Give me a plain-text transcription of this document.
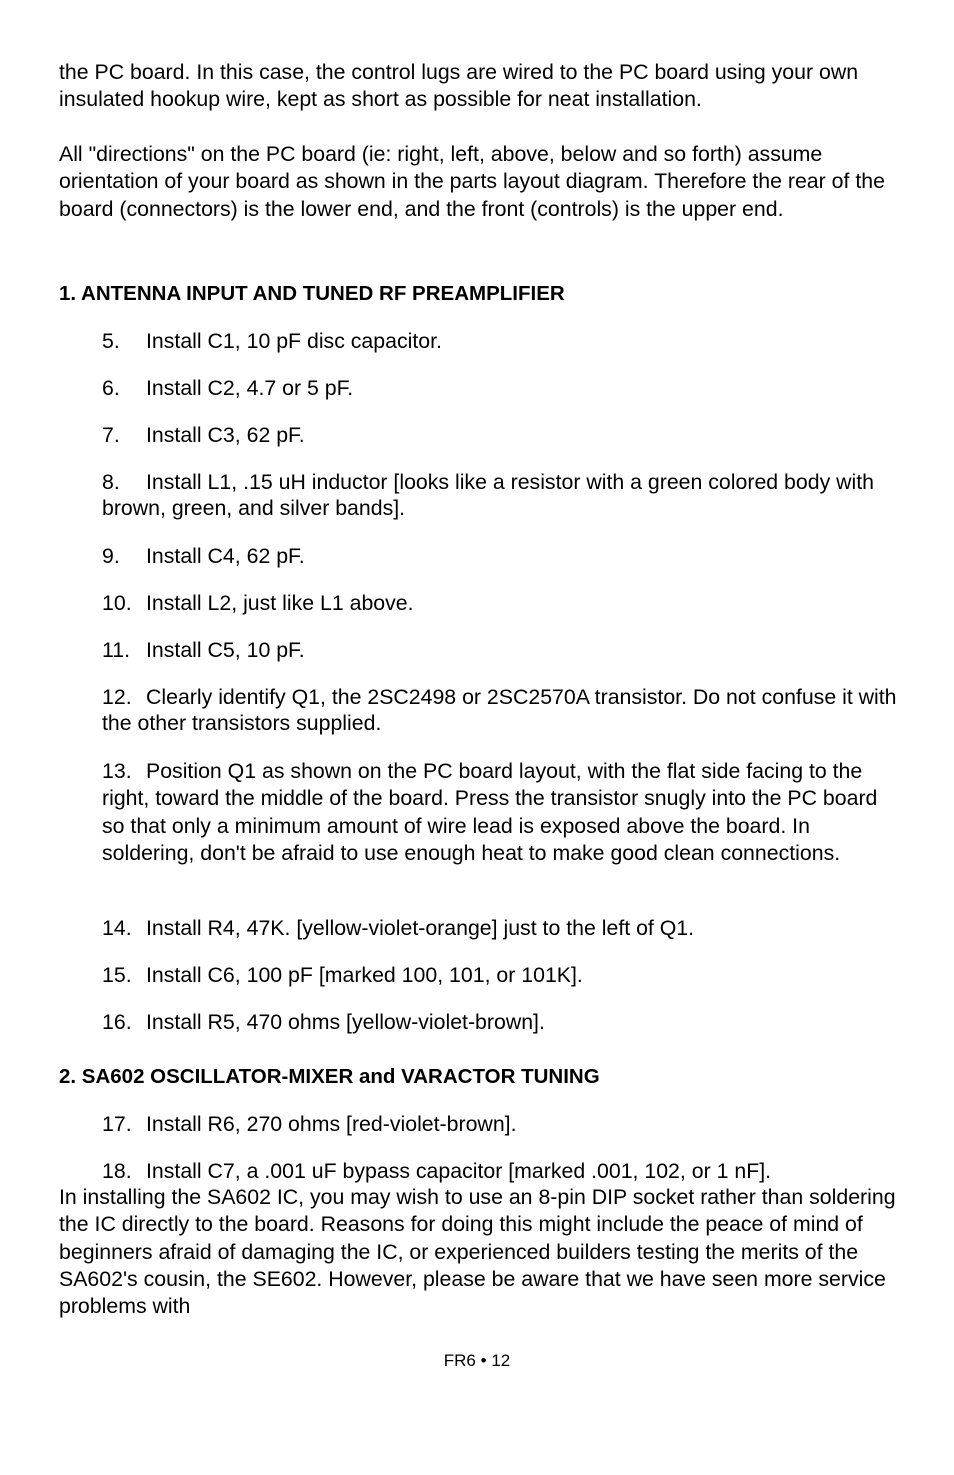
the PC board. In this case, the control lugs are wired to the PC board using your own insulated hookup wire, kept as short as possible for neat installation.

All "directions" on the PC board (ie: right, left, above, below and so forth) assume orientation of your board as shown in the parts layout diagram. Therefore the rear of the board (connectors) is the lower end, and the front (controls) is the upper end.

1. ANTENNA INPUT AND TUNED RF PREAMPLIFIER

5. Install C1, 10 pF disc capacitor.

6. Install C2, 4.7 or 5 pF.

7. Install C3, 62 pF.

8. Install L1, .15 uH inductor [looks like a resistor with a green colored body with brown, green, and silver bands].

9. Install C4, 62 pF.

10. Install L2, just like L1 above.

11. Install C5, 10 pF.

12. Clearly identify Q1, the 2SC2498 or 2SC2570A transistor. Do not confuse it with the other transistors supplied.

13. Position Q1 as shown on the PC board layout, with the flat side facing to the right, toward the middle of the board. Press the transistor snugly into the PC board so that only a minimum amount of wire lead is exposed above the board. In soldering, don't be afraid to use enough heat to make good clean connections.

14. Install R4, 47K. [yellow-violet-orange] just to the left of Q1.

15. Install C6, 100 pF [marked 100, 101, or 101K].

16. Install R5, 470 ohms [yellow-violet-brown].

2. SA602 OSCILLATOR-MIXER and VARACTOR TUNING

17. Install R6, 270 ohms [red-violet-brown].

18. Install C7, a .001 uF bypass capacitor [marked .001, 102, or 1 nF].

In installing the SA602 IC, you may wish to use an 8-pin DIP socket rather than soldering the IC directly to the board. Reasons for doing this might include the peace of mind of beginners afraid of damaging the IC, or experienced builders testing the merits of the SA602's cousin, the SE602. However, please be aware that we have seen more service problems with

FR6 • 12
